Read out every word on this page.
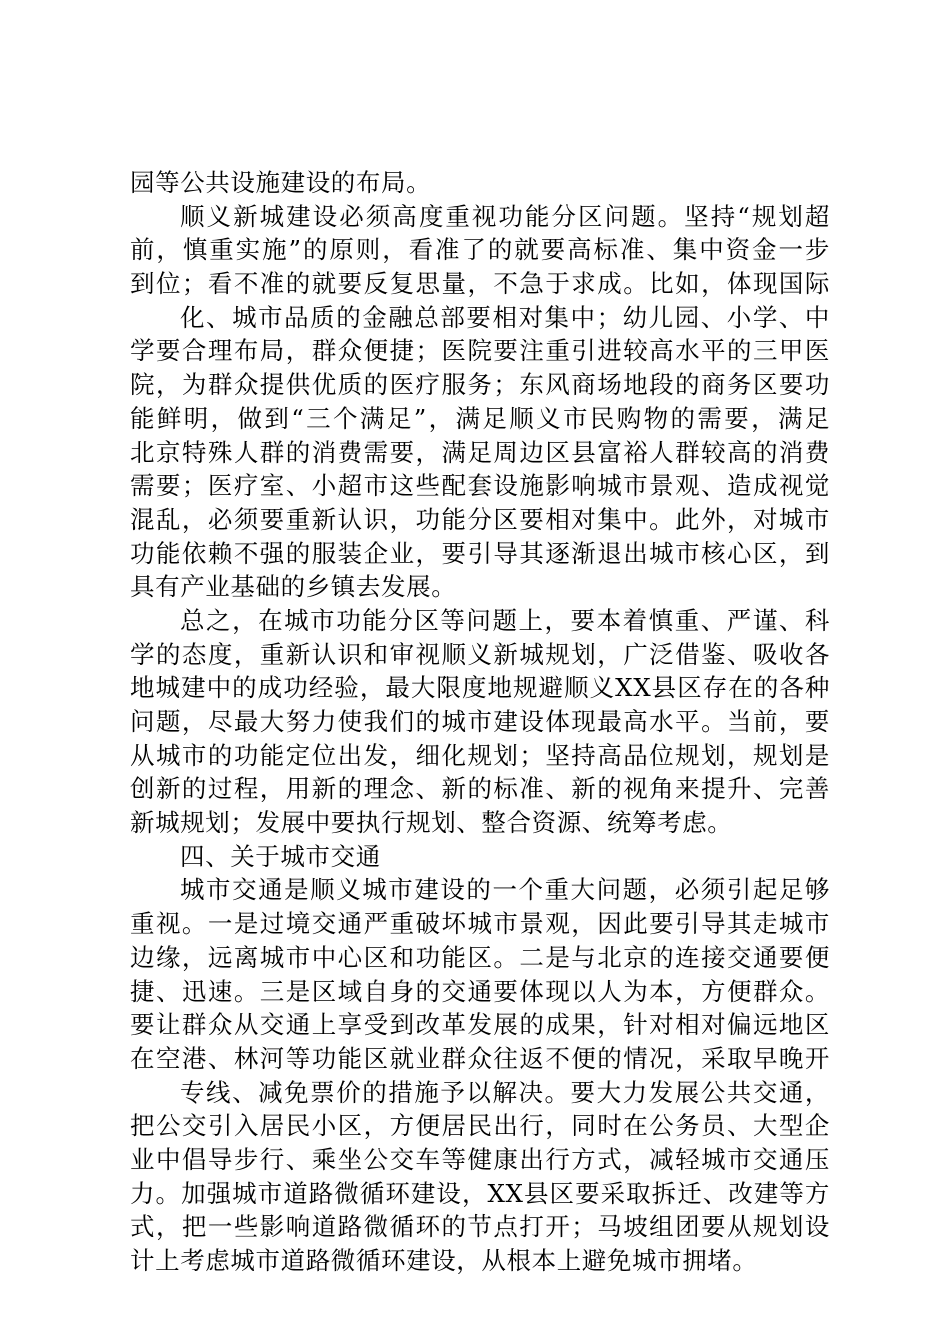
园等公共设施建设的布局。
顺义新城建设必须高度重视功能分区问题。坚持“规划超
前，慎重实施”的原则，看准了的就要高标准、集中资金一步
到位；看不准的就要反复思量，不急于求成。比如，体现国际
化、城市品质的金融总部要相对集中；幼儿园、小学、中
学要合理布局，群众便捷；医院要注重引进较高水平的三甲医
院，为群众提供优质的医疗服务；东风商场地段的商务区要功
能鲜明，做到“三个满足”，满足顺义市民购物的需要，满足
北京特殊人群的消费需要，满足周边区县富裕人群较高的消费
需要；医疗室、小超市这些配套设施影响城市景观、造成视觉
混乱，必须要重新认识，功能分区要相对集中。此外，对城市
功能依赖不强的服装企业，要引导其逐渐退出城市核心区，到
具有产业基础的乡镇去发展。
总之，在城市功能分区等问题上，要本着慎重、严谨、科
学的态度，重新认识和审视顺义新城规划，广泛借鉴、吸收各
地城建中的成功经验，最大限度地规避顺义XX县区存在的各种
问题，尽最大努力使我们的城市建设体现最高水平。当前，要
从城市的功能定位出发，细化规划；坚持高品位规划，规划是
创新的过程，用新的理念、新的标准、新的视角来提升、完善
新城规划；发展中要执行规划、整合资源、统筹考虑。
四、关于城市交通
城市交通是顺义城市建设的一个重大问题，必须引起足够
重视。一是过境交通严重破坏城市景观，因此要引导其走城市
边缘，远离城市中心区和功能区。二是与北京的连接交通要便
捷、迅速。三是区域自身的交通要体现以人为本，方便群众。
要让群众从交通上享受到改革发展的成果，针对相对偏远地区
在空港、林河等功能区就业群众往返不便的情况，采取早晚开
专线、减免票价的措施予以解决。要大力发展公共交通，
把公交引入居民小区，方便居民出行，同时在公务员、大型企
业中倡导步行、乘坐公交车等健康出行方式，减轻城市交通压
力。加强城市道路微循环建设，XX县区要采取拆迁、改建等方
式，把一些影响道路微循环的节点打开；马坡组团要从规划设
计上考虑城市道路微循环建设，从根本上避免城市拥堵。
